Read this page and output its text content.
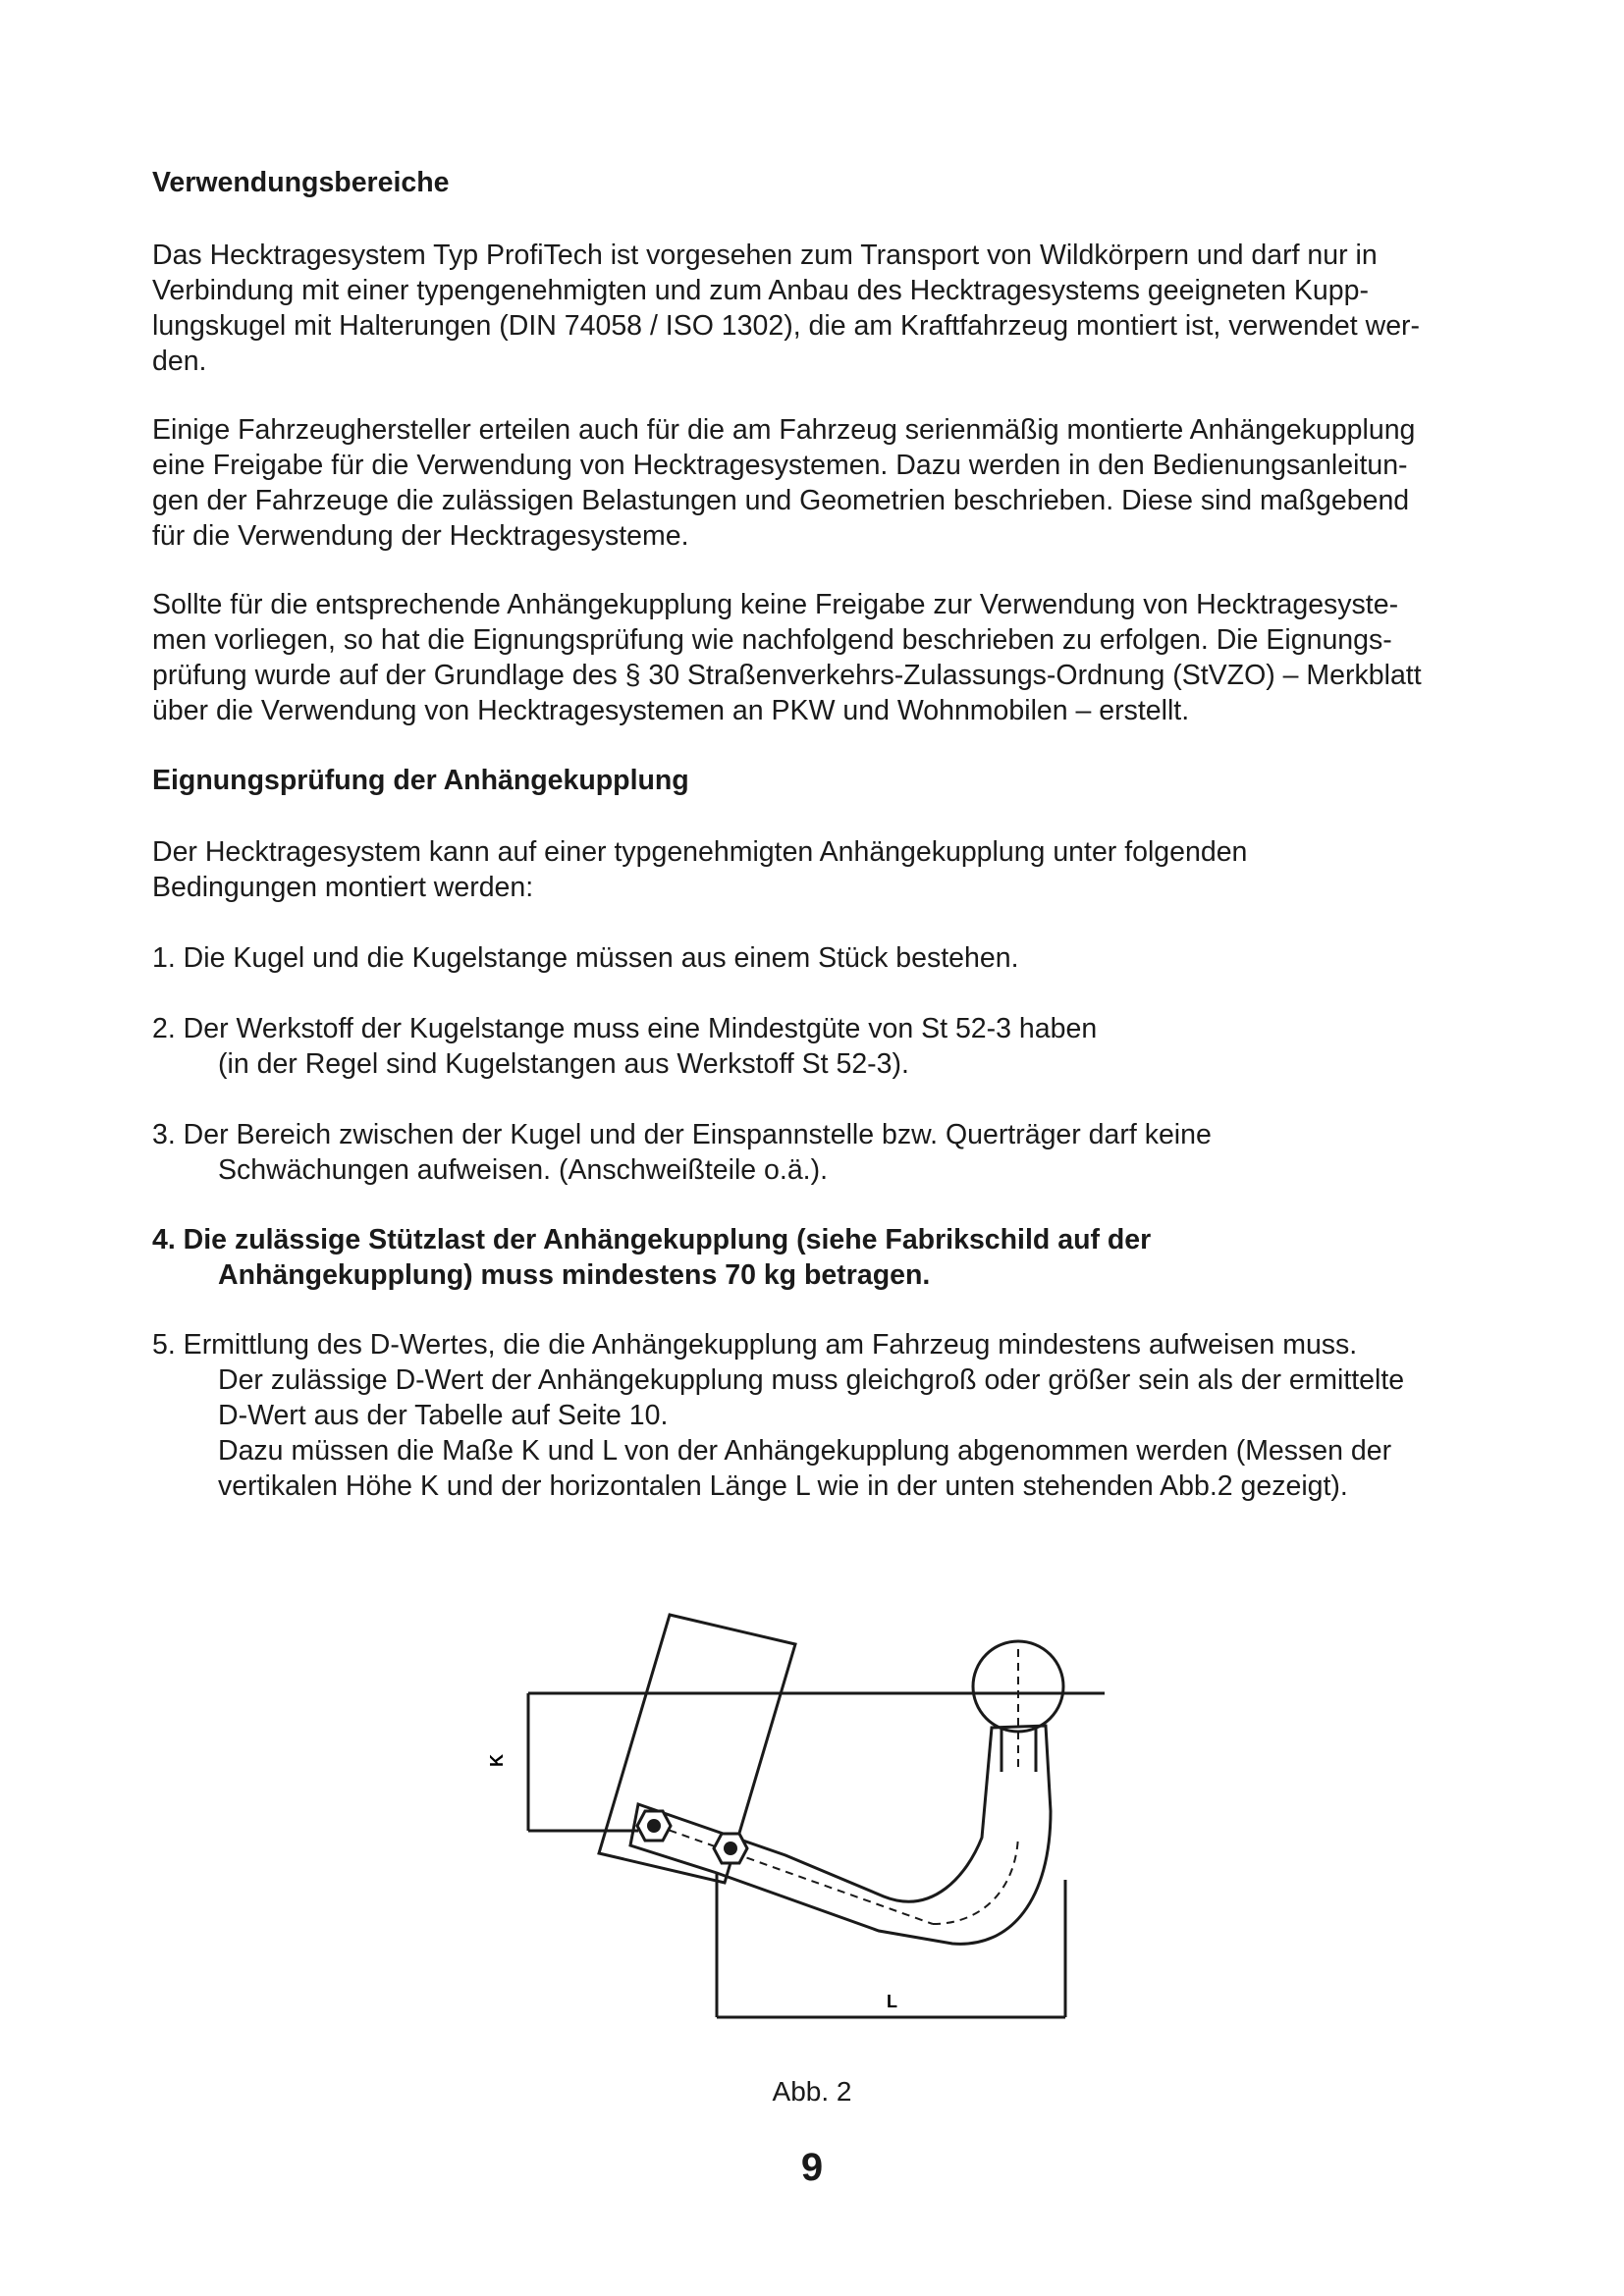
Verwendungsbereiche

Das Hecktragesystem Typ ProfiTech ist vorgesehen zum Transport von Wildkörpern und darf nur in
Verbindung mit einer typengenehmigten und zum Anbau des Hecktragesystems geeigneten Kupp-
lungskugel mit Halterungen (DIN 74058 / ISO 1302), die am Kraftfahrzeug montiert ist, verwendet wer-
den.

Einige Fahrzeughersteller erteilen auch für die am Fahrzeug serienmäßig montierte Anhängekupplung
eine Freigabe für die Verwendung von Hecktragesystemen. Dazu werden in den Bedienungsanleitun-
gen der Fahrzeuge die zulässigen Belastungen und Geometrien beschrieben. Diese sind maßgebend
für die Verwendung der Hecktragesysteme.

Sollte für die entsprechende Anhängekupplung keine Freigabe zur Verwendung von Hecktragesyste-
men vorliegen, so hat die Eignungsprüfung wie nachfolgend beschrieben zu erfolgen. Die Eignungs-
prüfung wurde auf der Grundlage des § 30 Straßenverkehrs-Zulassungs-Ordnung (StVZO) – Merkblatt
über die Verwendung von Hecktragesystemen an PKW und Wohnmobilen – erstellt.

Eignungsprüfung der Anhängekupplung

Der Hecktragesystem kann auf einer typgenehmigten Anhängekupplung unter folgenden
Bedingungen montiert werden:

1. Die Kugel und die Kugelstange müssen aus einem Stück bestehen.
2. Der Werkstoff der Kugelstange muss eine Mindestgüte von St 52-3 haben
(in der Regel sind Kugelstangen aus Werkstoff St 52-3).
3. Der Bereich zwischen der Kugel und der Einspannstelle bzw. Querträger darf keine
Schwächungen aufweisen. (Anschweißteile o.ä.).
4. Die zulässige Stützlast der Anhängekupplung (siehe Fabrikschild auf der
Anhängekupplung) muss mindestens 70 kg betragen.
5. Ermittlung des D-Wertes, die die Anhängekupplung am Fahrzeug mindestens aufweisen muss.
Der zulässige D-Wert der Anhängekupplung muss gleichgroß oder größer sein als der ermittelte
D-Wert aus der Tabelle auf Seite 10.
Dazu müssen die Maße K und L von der Anhängekupplung abgenommen werden (Messen der
vertikalen Höhe K und der horizontalen Länge L wie in der unten stehenden Abb.2 gezeigt).
K
L
Abb. 2
9
